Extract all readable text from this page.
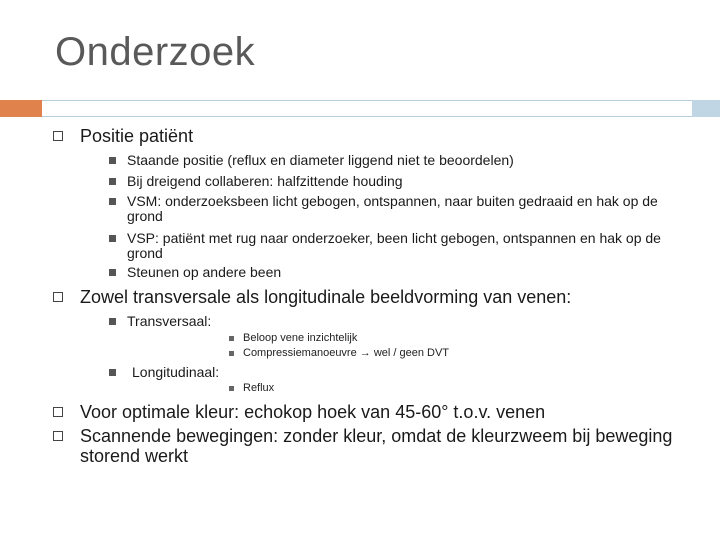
Onderzoek
Positie patiënt
Staande positie (reflux en diameter liggend niet te beoordelen)
Bij dreigend collaberen: halfzittende houding
VSM: onderzoeksbeen licht gebogen, ontspannen, naar buiten gedraaid en hak op de grond
VSP: patiënt met rug naar onderzoeker, been licht gebogen, ontspannen en hak op de grond
Steunen op andere been
Zowel transversale als longitudinale beeldvorming van venen:
Transversaal:
Beloop vene inzichtelijk
Compressiemanoeuvre → wel / geen DVT
Longitudinaal:
Reflux
Voor optimale kleur: echokop hoek van 45-60° t.o.v. venen
Scannende bewegingen: zonder kleur, omdat de kleurzweem bij beweging storend werkt
